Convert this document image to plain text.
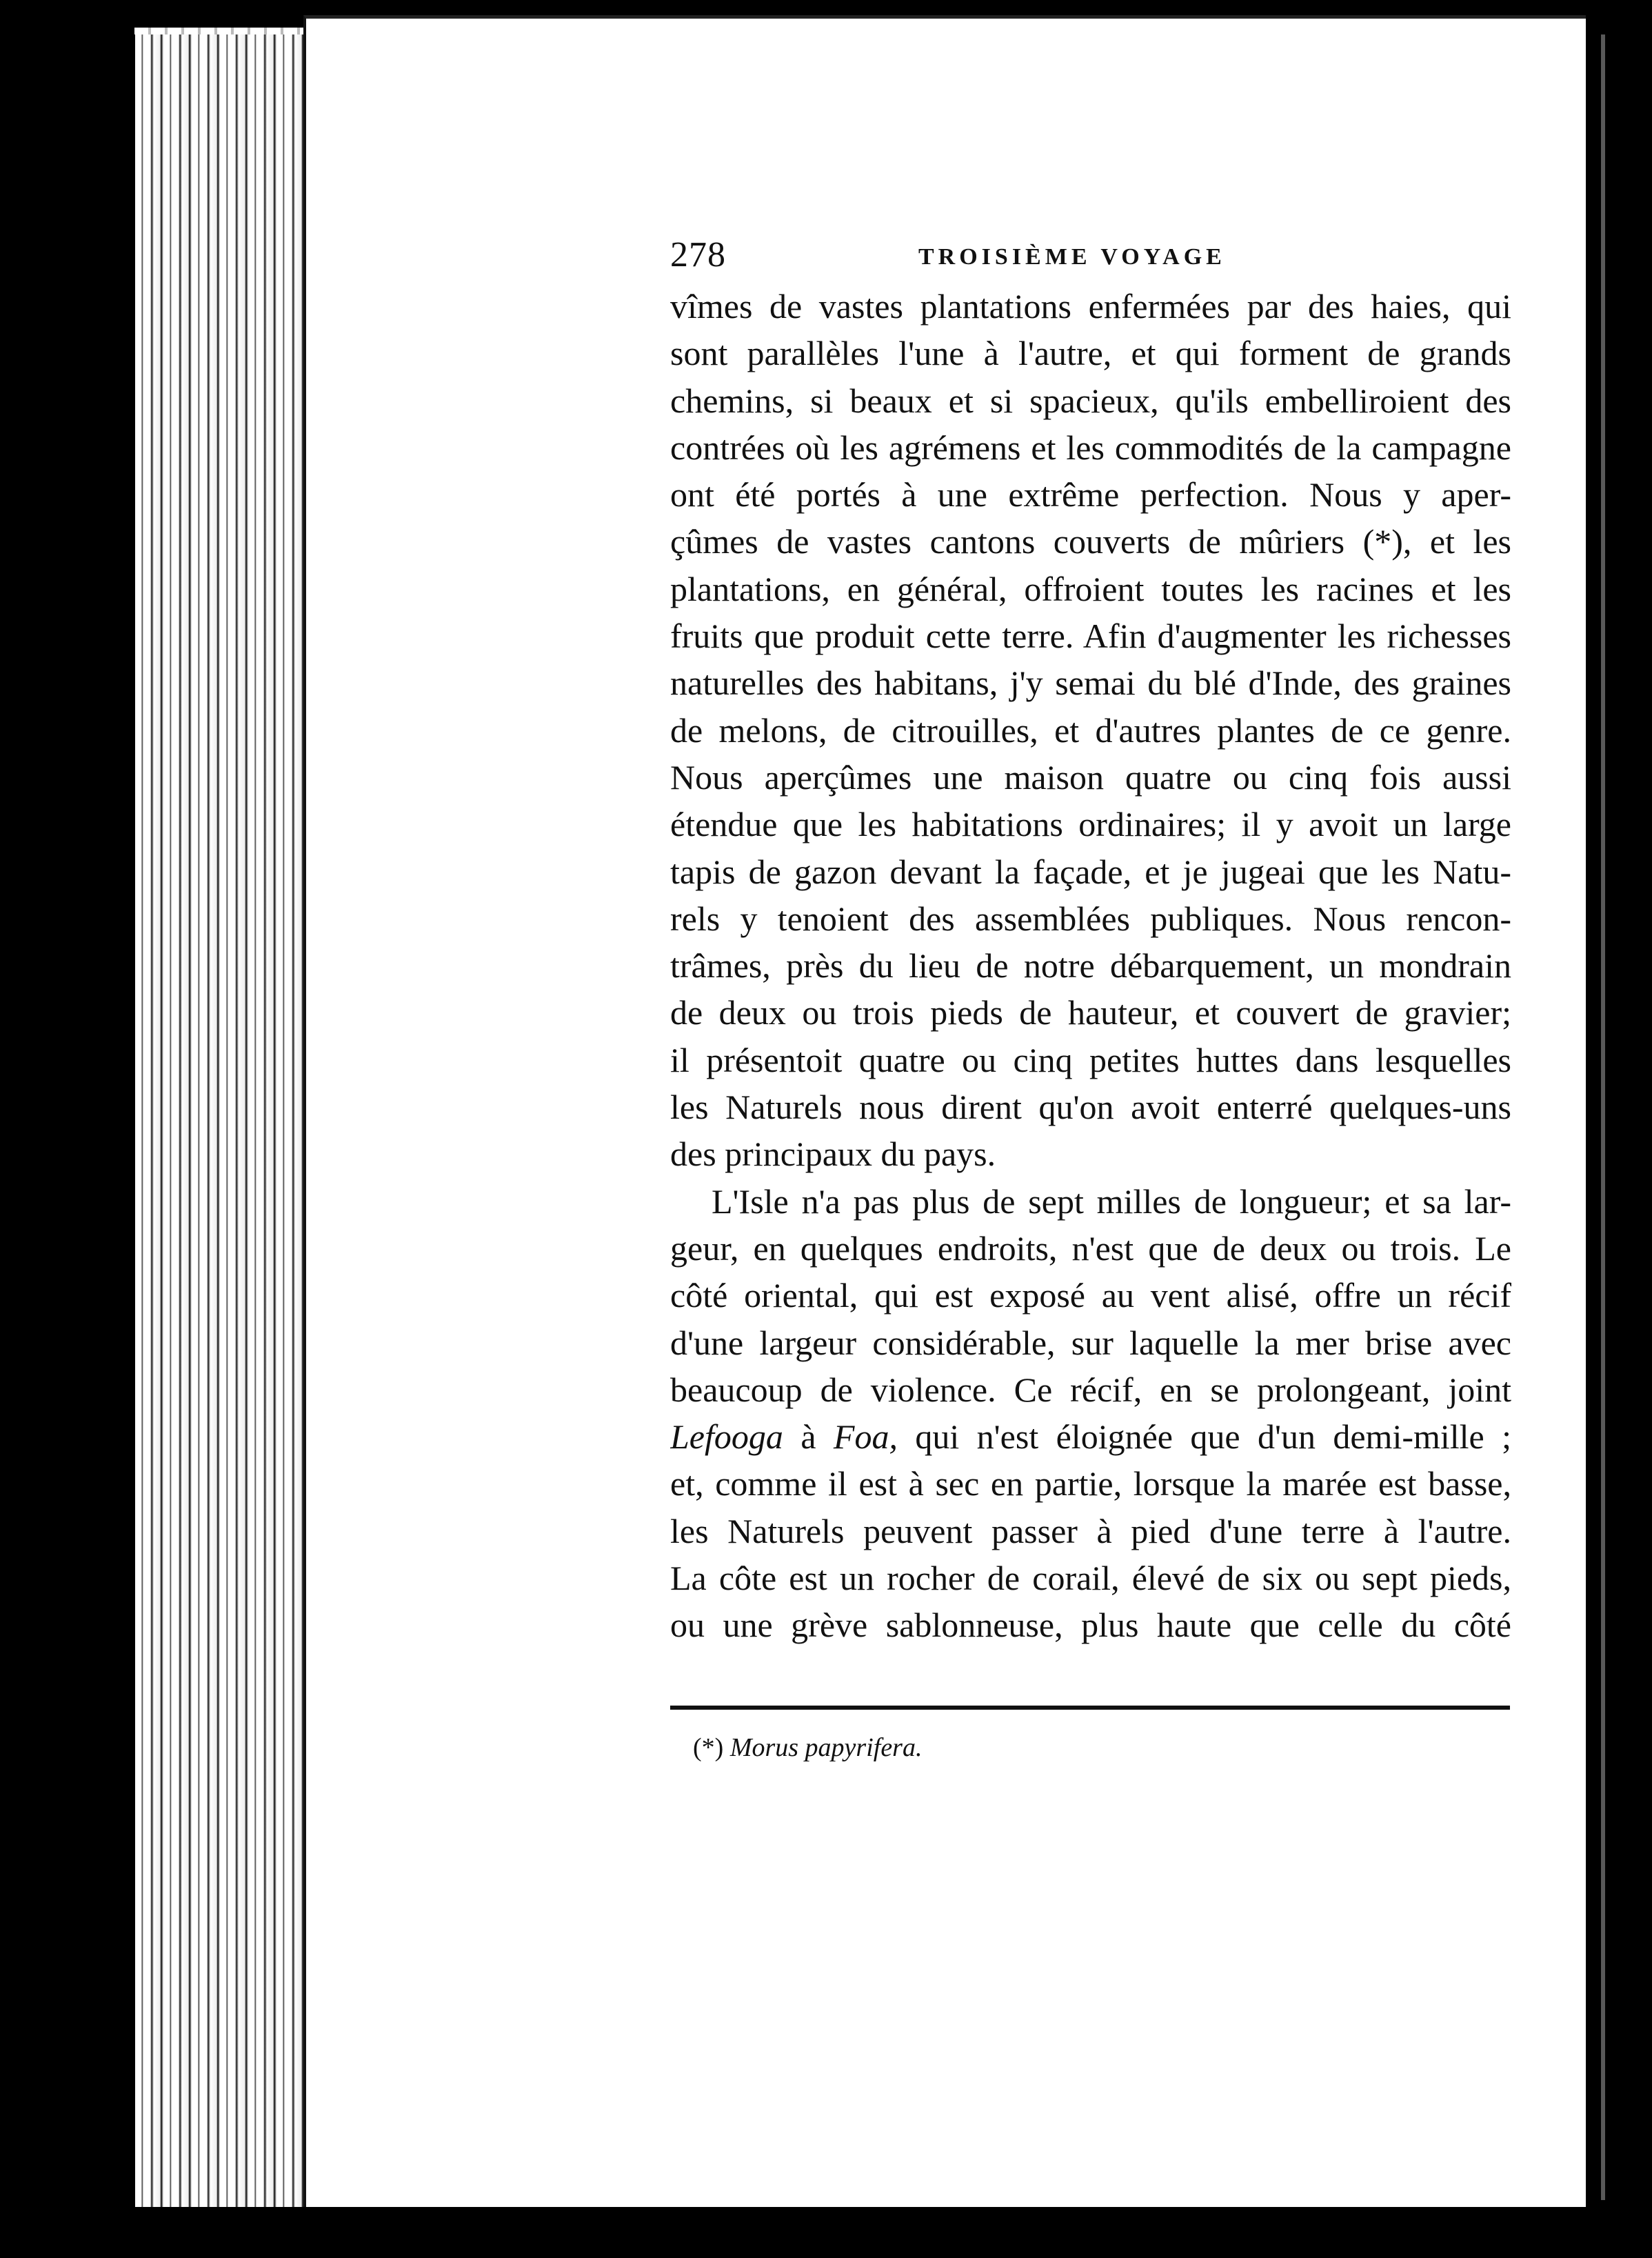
278	TROISIÈME VOYAGE
vîmes de vastes plantations enfermées par des haies, qui
sont parallèles l'une à l'autre, et qui forment de grands
chemins, si beaux et si spacieux, qu'ils embelliroient des
contrées où les agrémens et les commodités de la campagne
ont été portés à une extrême perfection. Nous y aper-
çûmes de vastes cantons couverts de mûriers (*), et les
plantations, en général, offroient toutes les racines et les
fruits que produit cette terre. Afin d'augmenter les richesses
naturelles des habitans, j'y semai du blé d'Inde, des graines
de melons, de citrouilles, et d'autres plantes de ce genre.
Nous aperçûmes une maison quatre ou cinq fois aussi
étendue que les habitations ordinaires; il y avoit un large
tapis de gazon devant la façade, et je jugeai que les Natu-
rels y tenoient des assemblées publiques. Nous rencon-
trâmes, près du lieu de notre débarquement, un mondrain
de deux ou trois pieds de hauteur, et couvert de gravier;
il présentoit quatre ou cinq petites huttes dans lesquelles
les Naturels nous dirent qu'on avoit enterré quelques-uns
des principaux du pays.
L'Isle n'a pas plus de sept milles de longueur; et sa lar-
geur, en quelques endroits, n'est que de deux ou trois. Le
côté oriental, qui est exposé au vent alisé, offre un récif
d'une largeur considérable, sur laquelle la mer brise avec
beaucoup de violence. Ce récif, en se prolongeant, joint
Lefooga à Foa, qui n'est éloignée que d'un demi-mille ;
et, comme il est à sec en partie, lorsque la marée est basse,
les Naturels peuvent passer à pied d'une terre à l'autre.
La côte est un rocher de corail, élevé de six ou sept pieds,
ou une grève sablonneuse, plus haute que celle du côté
(*) Morus papyrifera.
